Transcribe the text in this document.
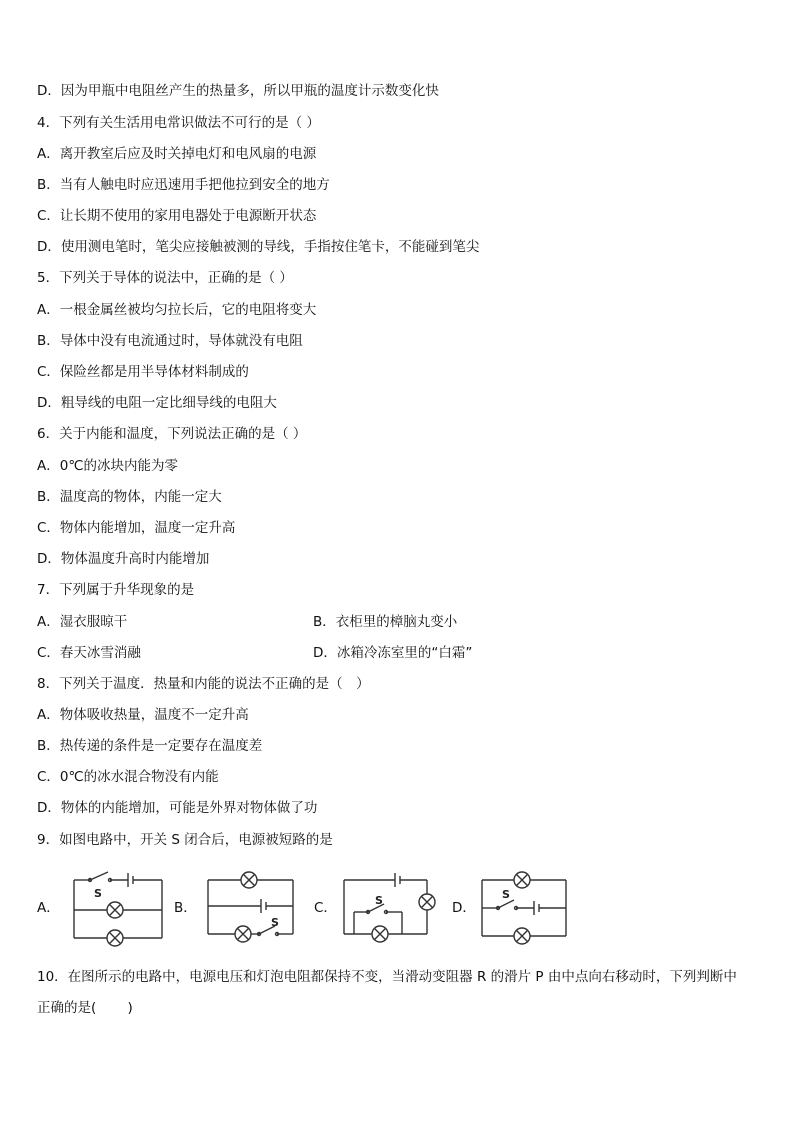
D．因为甲瓶中电阻丝产生的热量多，所以甲瓶的温度计示数变化快
4．下列有关生活用电常识做法不可行的是（ ）
A．离开教室后应及时关掉电灯和电风扇的电源
B．当有人触电时应迅速用手把他拉到安全的地方
C．让长期不使用的家用电器处于电源断开状态
D．使用测电笔时，笔尖应接触被测的导线，手指按住笔卡，不能碰到笔尖
5．下列关于导体的说法中，正确的是（ ）
A．一根金属丝被均匀拉长后，它的电阻将变大
B．导体中没有电流通过时，导体就没有电阻
C．保险丝都是用半导体材料制成的
D．粗导线的电阻一定比细导线的电阻大
6．关于内能和温度，下列说法正确的是（ ）
A．0℃的冰块内能为零
B．温度高的物体，内能一定大
C．物体内能增加，温度一定升高
D．物体温度升高时内能增加
7．下列属于升华现象的是
A．湿衣服晾干	B．衣柜里的樟脑丸变小
C．春天冰雪消融	D．冰箱冷冻室里的“白霜”
8．下列关于温度．热量和内能的说法不正确的是（　）
A．物体吸收热量，温度不一定升高
B．热传递的条件是一定要存在温度差
C．0℃的冰水混合物没有内能
D．物体的内能增加，可能是外界对物体做了功
9．如图电路中，开关 S 闭合后，电源被短路的是
A．	B．	C．	D．
S
S
S	S
10．在图所示的电路中，电源电压和灯泡电阻都保持不变，当滑动变阻器 R 的滑片 P 由中点向右移动时，下列判断中
正确的是(　　 )
